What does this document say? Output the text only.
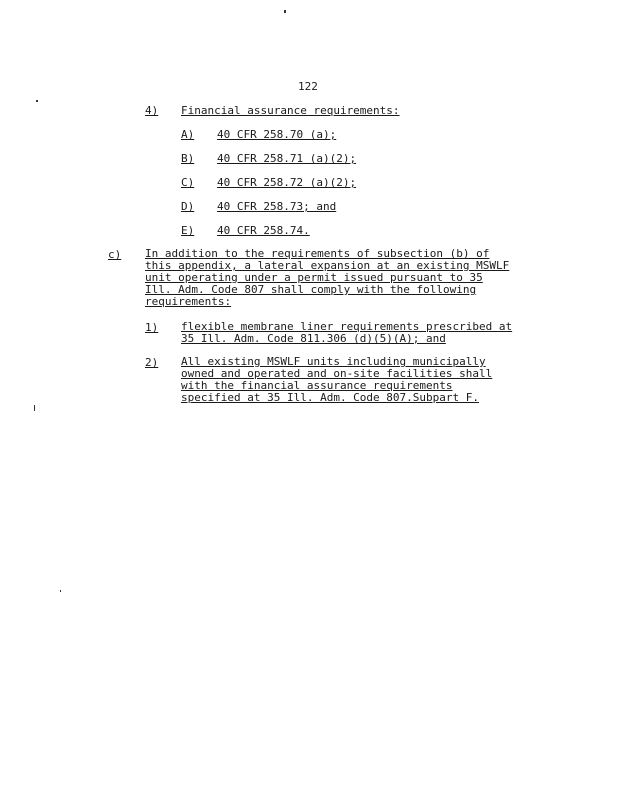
122
4) Financial assurance requirements:
A) 40 CFR 258.70 (a);
B) 40 CFR 258.71 (a)(2);
C) 40 CFR 258.72 (a)(2);
D) 40 CFR 258.73; and
E) 40 CFR 258.74.
c) In addition to the requirements of subsection (b) of
this appendix, a lateral expansion at an existing MSWLF
unit operating under a permit issued pursuant to 35
Ill. Adm. Code 807 shall comply with the following
requirements:
1) flexible membrane liner requirements prescribed at
35 Ill. Adm. Code 811.306 (d)(5)(A); and
2) All existing MSWLF units including municipally
owned and operated and on-site facilities shall
with the financial assurance requirements
specified at 35 Ill. Adm. Code 807.Subpart F.
